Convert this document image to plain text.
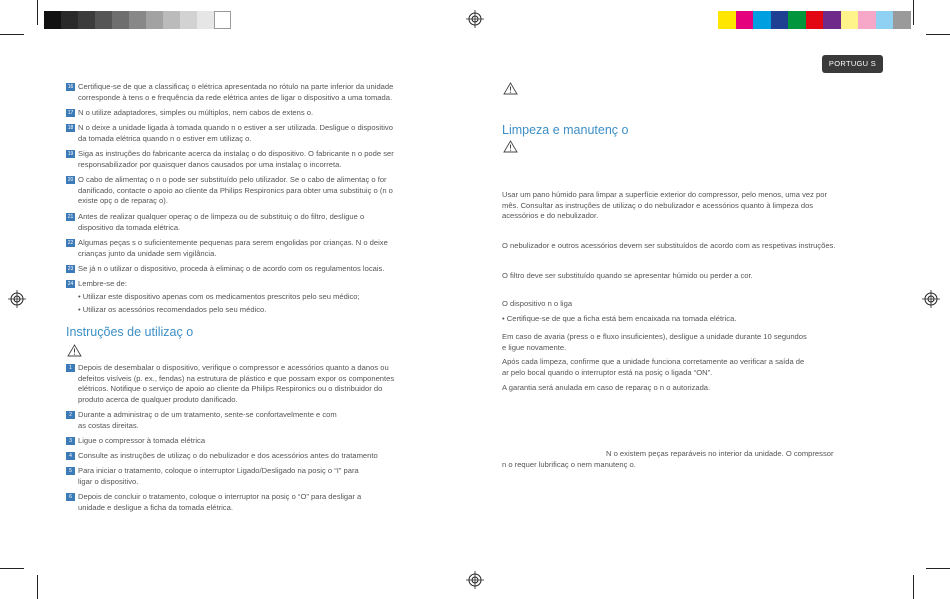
PORTUGU S
16 Certifique-se de que a classificaç o elétrica apresentada no rótulo na parte inferior da unidade
corresponde à tens o e frequência da rede elétrica antes de ligar o dispositivo a uma tomada.
17 N o utilize adaptadores, simples ou múltiplos, nem cabos de extens o.
18 N o deixe a unidade ligada à tomada quando n o estiver a ser utilizada. Desligue o dispositivo
da tomada elétrica quando n o estiver em utilizaç o.
19 Siga as instruções do fabricante acerca da instalaç o do dispositivo. O fabricante n o pode ser
responsabilizador por quaisquer danos causados por uma instalaç o incorreta.
20 O cabo de alimentaç o n o pode ser substituído pelo utilizador. Se o cabo de alimentaç o for
danificado, contacte o apoio ao cliente da Philips Respironics para obter uma substituiç o (n o
existe opç o de reparaç o).
21 Antes de realizar qualquer operaç o de limpeza ou de substituiç o do filtro, desligue o
dispositivo da tomada elétrica.
22 Algumas peças s o suficientemente pequenas para serem engolidas por crianças. N o deixe
crianças junto da unidade sem vigilância.
23 Se já n o utilizar o dispositivo, proceda à eliminaç o de acordo com os regulamentos locais.
24 Lembre-se de:
• Utilizar este dispositivo apenas com os medicamentos prescritos pelo seu médico;
• Utilizar os acessórios recomendados pelo seu médico.
Instruções de utilizaç o
1 Depois de desembalar o dispositivo, verifique o compressor e acessórios quanto a danos ou
defeitos visíveis (p. ex., fendas) na estrutura de plástico e que possam expor os componentes
elétricos. Notifique o serviço de apoio ao cliente da Philips Respironics ou o distribuidor do
produto acerca de qualquer produto danificado.
2 Durante a administraç o de um tratamento, sente-se confortavelmente e com
as costas direitas.
3 Ligue o compressor à tomada elétrica
4 Consulte as instruções de utilizaç o do nebulizador e dos acessórios antes do tratamento
5 Para iniciar o tratamento, coloque o interruptor Ligado/Desligado na posiç o “I” para
ligar o dispositivo.
6 Depois de concluir o tratamento, coloque o interruptor na posiç o “O” para desligar a
unidade e desligue a ficha da tomada elétrica.
Limpeza e manutenç o
Usar um pano húmido para limpar a superfície exterior do compressor, pelo menos, uma vez por
mês. Consultar as instruções de utilizaç o do nebulizador e acessórios quanto à limpeza dos
acessórios e do nebulizador.
O nebulizador e outros acessórios devem ser substituídos de acordo com as respetivas instruções.
O filtro deve ser substituído quando se apresentar húmido ou perder a cor.
O dispositivo n o liga
• Certifique-se de que a ficha está bem encaixada na tomada elétrica.
Em caso de avaria (press o e fluxo insuficientes), desligue a unidade durante 10 segundos
e ligue novamente.
Após cada limpeza, confirme que a unidade funciona corretamente ao verificar a saída de
ar pelo bocal quando o interruptor está na posiç o ligada “ON”.
A garantia será anulada em caso de reparaç o n o autorizada.
N o existem peças reparáveis no interior da unidade. O compressor
n o requer lubrificaç o nem manutenç o.
